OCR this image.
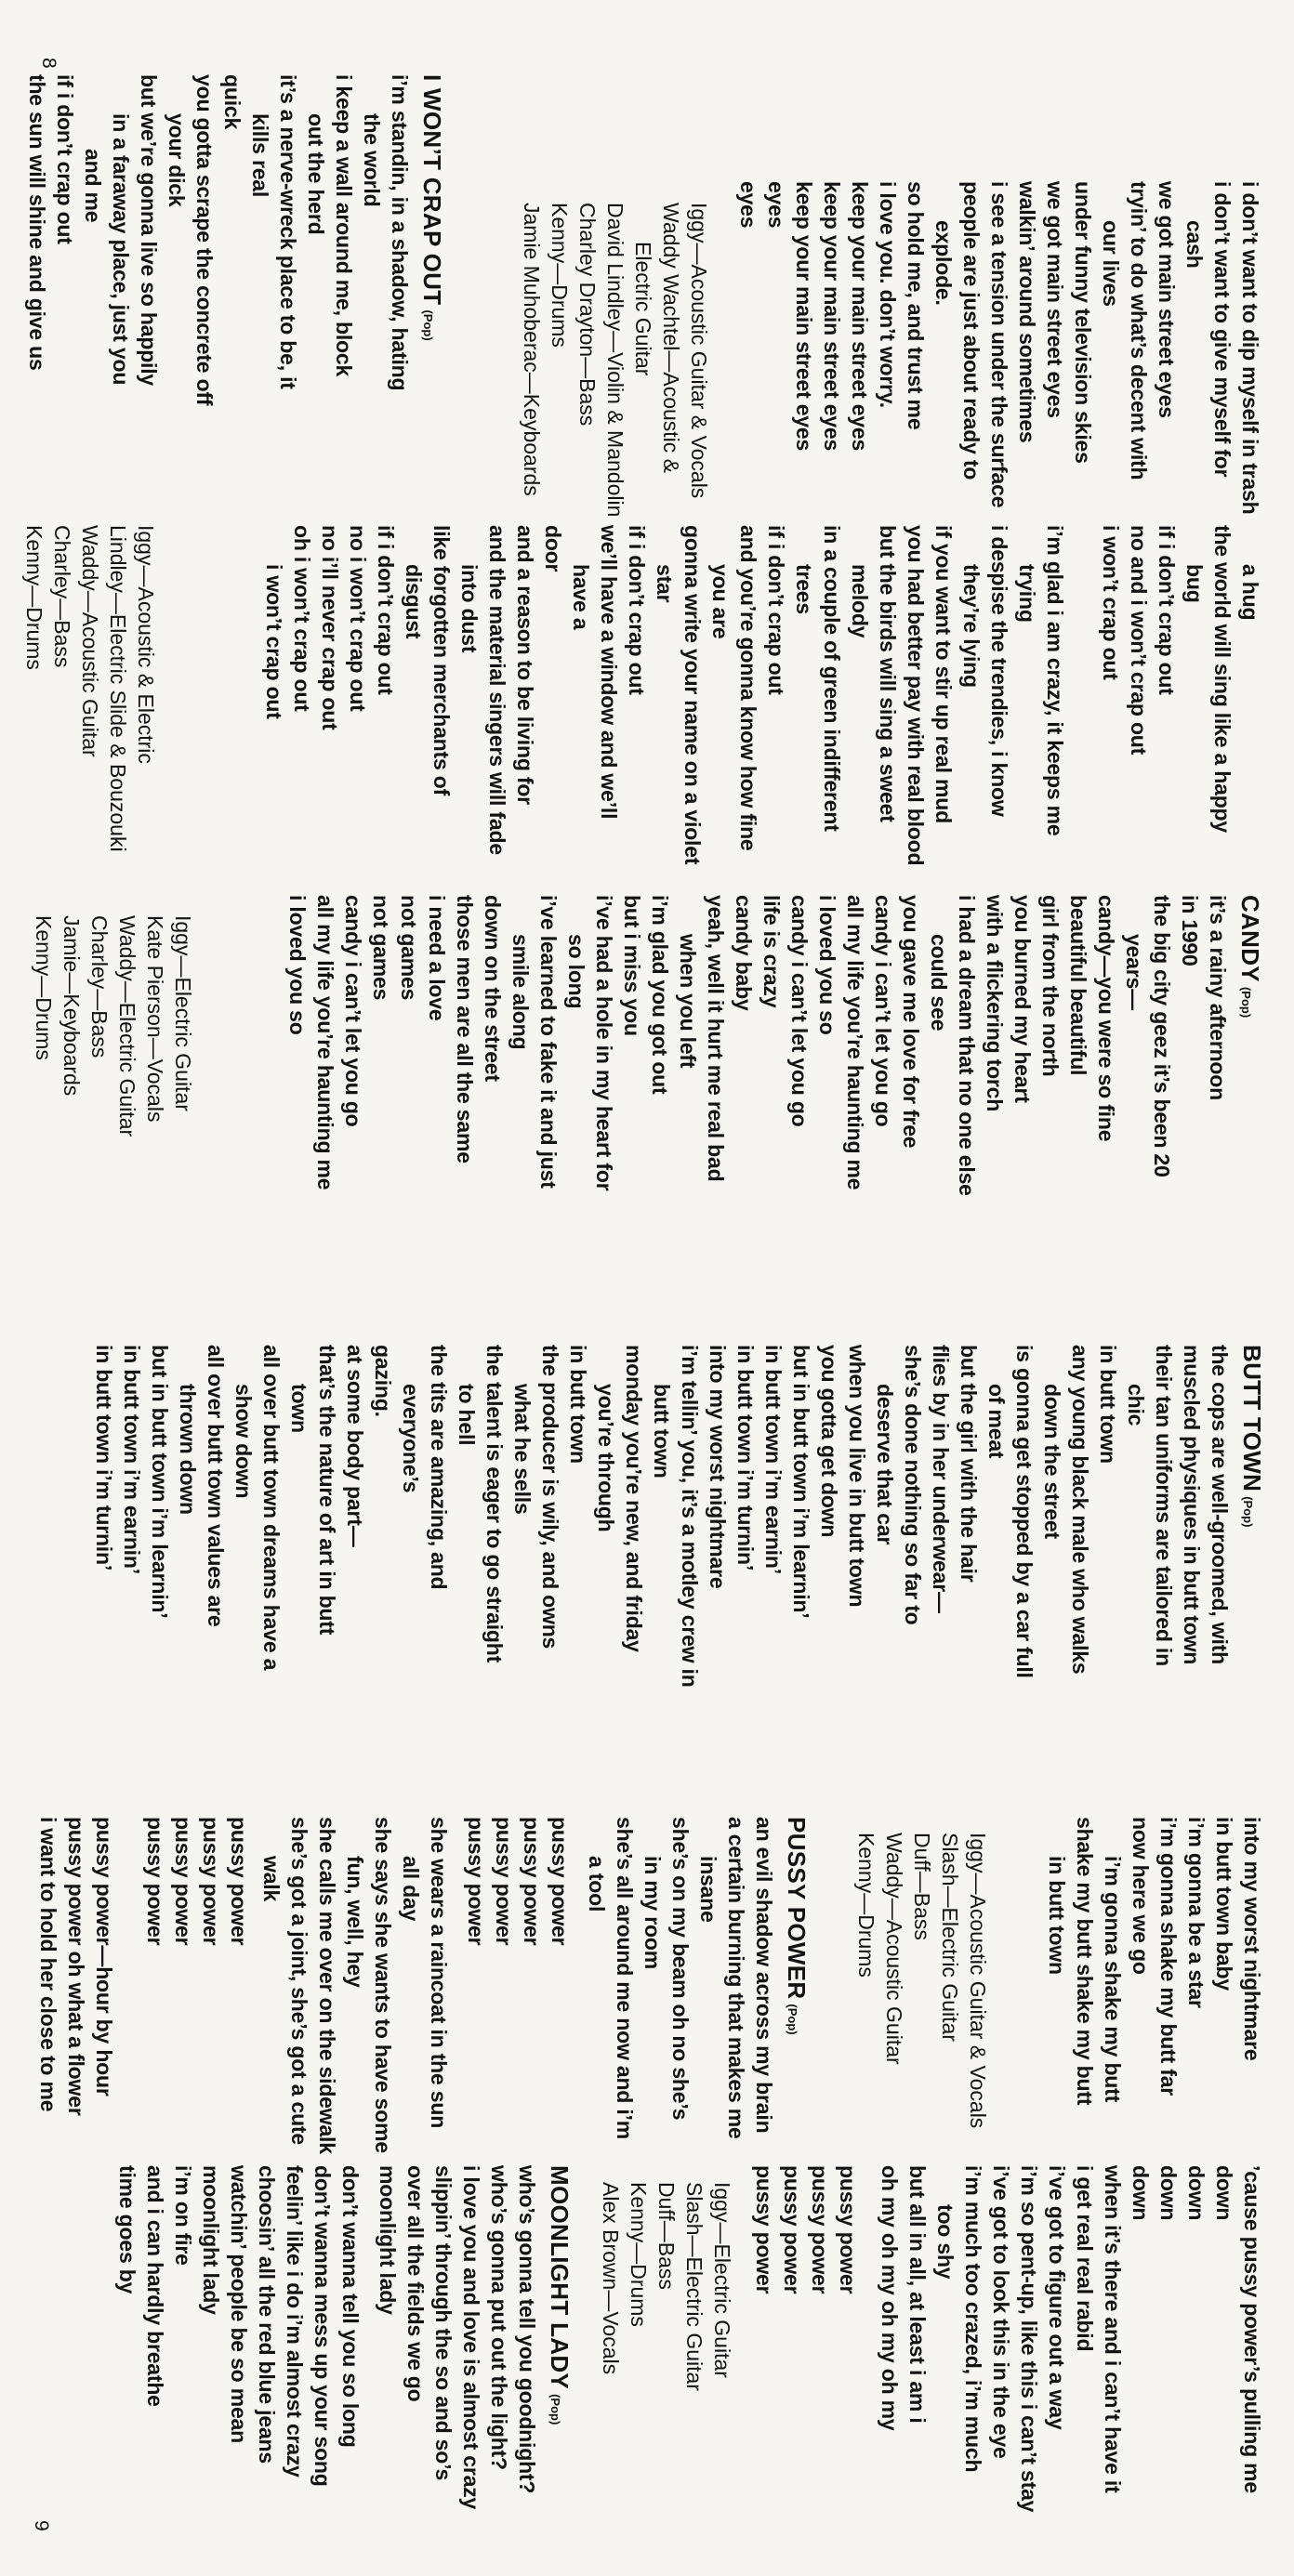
8
9
i don’t want to dip myself in trash
i don’t want to give myself for
cash
we got main street eyes
tryin’ to do what’s decent with
our lives
under funny television skies
we got main street eyes
walkin’ around sometimes
i see a tension under the surface
people are just about ready to
explode.
so hold me, and trust me
i love you. don’t worry.
keep your main street eyes
keep your main street eyes
keep your main street eyes
eyes
eyes
Iggy—Acoustic Guitar & Vocals
Waddy Wachtel—Acoustic &
Electric Guitar
David Lindley—Violin & Mandolin
Charley Drayton—Bass
Kenny—Drums
Jamie Muhoberac—Keyboards
I WON’T CRAP OUT(Pop)
i’m standin, in a shadow, hating
the world
i keep a wall around me, block
out the herd
it’s a nerve-wreck place to be, it
kills real
quick
you gotta scrape the concrete off
your dick
but we’re gonna live so happily
in a faraway place, just you
and me
if i don’t crap out
the sun will shine and give us
a hug
the world will sing like a happy
bug
if i don’t crap out
no and i won’t crap out
i won’t crap out
i’m glad i am crazy, it keeps me
trying
i despise the trendies, i know
they’re lying
if you want to stir up real mud
you had better pay with real blood
but the birds will sing a sweet
melody
in a couple of green indifferent
trees
if i don’t crap out
and you’re gonna know how fine
you are
gonna write your name on a violet
star
if i don’t crap out
we’ll have a window and we’ll
have a
door
and a reason to be living for
and the material singers will fade
into dust
like forgotten merchants of
disgust
if i don’t crap out
no i won’t crap out
no i’ll never crap out
oh i won’t crap out
i won’t crap out
Iggy—Acoustic & Electric
Lindley—Electric Slide & Bouzouki
Waddy—Acoustic Guitar
Charley—Bass
Kenny—Drums
CANDY(Pop)
it’s a rainy afternoon
in 1990
the big city geez it’s been 20
years—
candy—you were so fine
beautiful beautiful
girl from the north
you burned my heart
with a flickering torch
i had a dream that no one else
could see
you gave me love for free
candy i can’t let you go
all my life you’re haunting me
i loved you so
candy i can’t let you go
life is crazy
candy baby
yeah, well it hurt me real bad
when you left
i’m glad you got out
but i miss you
i’ve had a hole in my heart for
so long
i’ve learned to fake it and just
smile along
down on the street
those men are all the same
i need a love
not games
not games
candy i can’t let you go
all my life you’re haunting me
i loved you so
Iggy—Electric Guitar
Kate Pierson—Vocals
Waddy—Electric Guitar
Charley—Bass
Jamie—Keyboards
Kenny—Drums
BUTT TOWN(Pop)
the cops are well-groomed, with
muscled physiques in butt town
their tan uniforms are tailored in
chic
in butt town
any young black male who walks
down the street
is gonna get stopped by a car full
of meat
but the girl with the hair
flies by in her underwear—
she’s done nothing so far to
deserve that car
when you live in butt town
you gotta get down
but in butt town i’m learnin’
in butt town i’m earnin’
in butt town i’m turnin’
into my worst nightmare
i’m tellin’ you, it’s a motley crew in
butt town
monday you’re new, and friday
you’re through
in butt town
the producer is wily, and owns
what he sells
the talent is eager to go straight
to hell
the tits are amazing, and
everyone’s
gazing.
at some body part—
that’s the nature of art in butt
town
all over butt town dreams have a
show down
all over butt town values are
thrown down
but in butt town i’m learnin’
in butt town i’m earnin’
in butt town i’m turnin’
into my worst nightmare
in butt town baby
i’m gonna be a star
i’m gonna shake my butt far
now here we go
i’m gonna shake my butt
shake my butt shake my butt
in butt town
Iggy—Acoustic Guitar & Vocals
Slash—Electric Guitar
Duff—Bass
Waddy—Acoustic Guitar
Kenny—Drums
PUSSY POWER(Pop)
an evil shadow across my brain
a certain burning that makes me
insane
she’s on my beam oh no she’s
in my room
she’s all around me now and i’m
a tool
pussy power
pussy power
pussy power
pussy power
she wears a raincoat in the sun
all day
she says she wants to have some
fun, well, hey
she calls me over on the sidewalk
she’s got a joint, she’s got a cute
walk
pussy power
pussy power
pussy power
pussy power
pussy power—hour by hour
pussy power oh what a flower
i want to hold her close to me
’cause pussy power’s pulling me
down
down
down
down
when it’s there and i can’t have it
i get real real rabid
i’ve got to figure out a way
i’m so pent-up, like this i can’t stay
i’ve got to look this in the eye
i’m much too crazed, i’m much
too shy
but all in all, at least i am i
oh my oh my oh my oh my
pussy power
pussy power
pussy power
pussy power
Iggy—Electric Guitar
Slash—Electric Guitar
Duff—Bass
Kenny—Drums
Alex Brown—Vocals
MOONLIGHT LADY(Pop)
who’s gonna tell you goodnight?
who’s gonna put out the light?
i love you and love is almost crazy
slippin’ through the so and so’s
over all the fields we go
moonlight lady
don’t wanna tell you so long
don’t wanna mess up your song
feelin’ like i do i’m almost crazy
choosin’ all the red blue jeans
watchin’ people be so mean
moonlight lady
i’m on fire
and i can hardly breathe
time goes by
